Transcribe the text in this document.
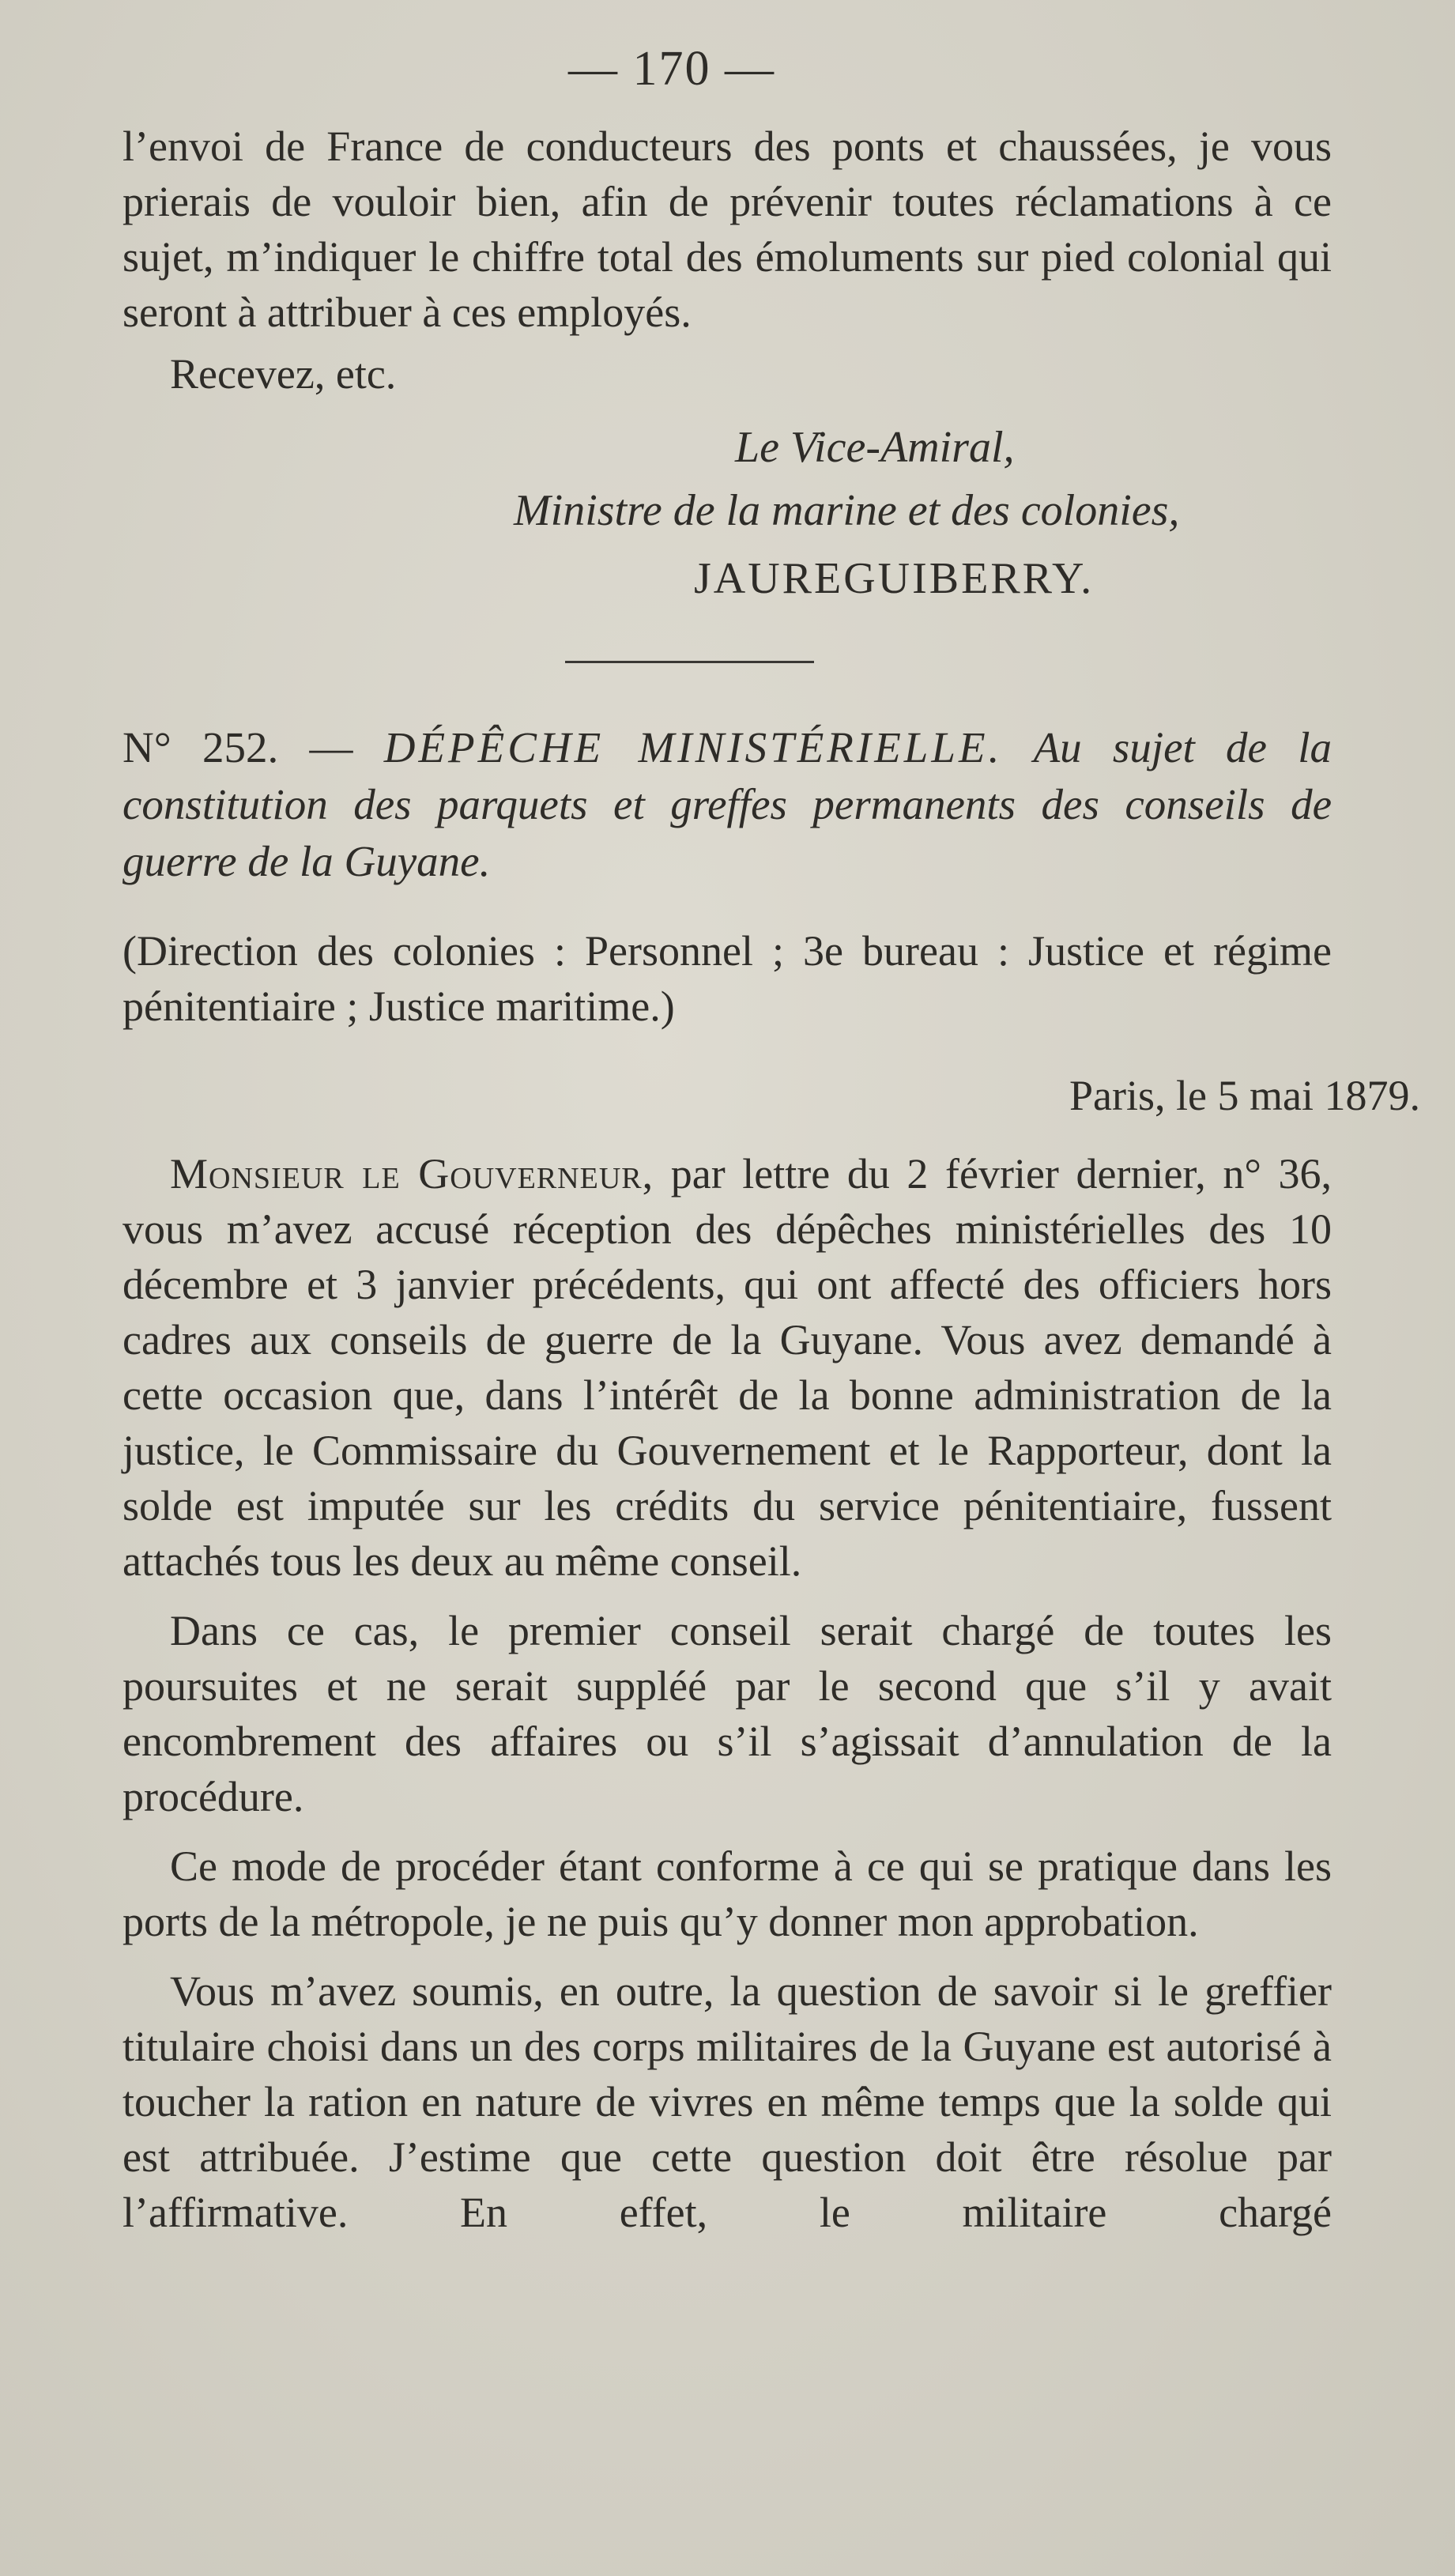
— 170 —

l’envoi de France de conducteurs des ponts et chaussées, je vous prierais de vouloir bien, afin de prévenir toutes réclamations à ce sujet, m’indiquer le chiffre total des émoluments sur pied colonial qui seront à attribuer à ces employés.

Recevez, etc.

Le Vice-Amiral,
Ministre de la marine et des colonies,
JAUREGUIBERRY.

N° 252. — DÉPÊCHE MINISTÉRIELLE. Au sujet de la constitution des parquets et greffes permanents des conseils de guerre de la Guyane.

(Direction des colonies : Personnel ; 3e bureau : Justice et régime pénitentiaire ; Justice maritime.)

Paris, le 5 mai 1879.

Monsieur le Gouverneur, par lettre du 2 février dernier, n° 36, vous m’avez accusé réception des dépêches ministérielles des 10 décembre et 3 janvier précédents, qui ont affecté des officiers hors cadres aux conseils de guerre de la Guyane. Vous avez demandé à cette occasion que, dans l’intérêt de la bonne administration de la justice, le Commissaire du Gouvernement et le Rapporteur, dont la solde est imputée sur les crédits du service pénitentiaire, fussent attachés tous les deux au même conseil.

Dans ce cas, le premier conseil serait chargé de toutes les poursuites et ne serait suppléé par le second que s’il y avait encombrement des affaires ou s’il s’agissait d’annulation de la procédure.

Ce mode de procéder étant conforme à ce qui se pratique dans les ports de la métropole, je ne puis qu’y donner mon approbation.

Vous m’avez soumis, en outre, la question de savoir si le greffier titulaire choisi dans un des corps militaires de la Guyane est autorisé à toucher la ration en nature de vivres en même temps que la solde qui est attribuée. J’estime que cette question doit être résolue par l’affirmative. En effet, le militaire chargé
